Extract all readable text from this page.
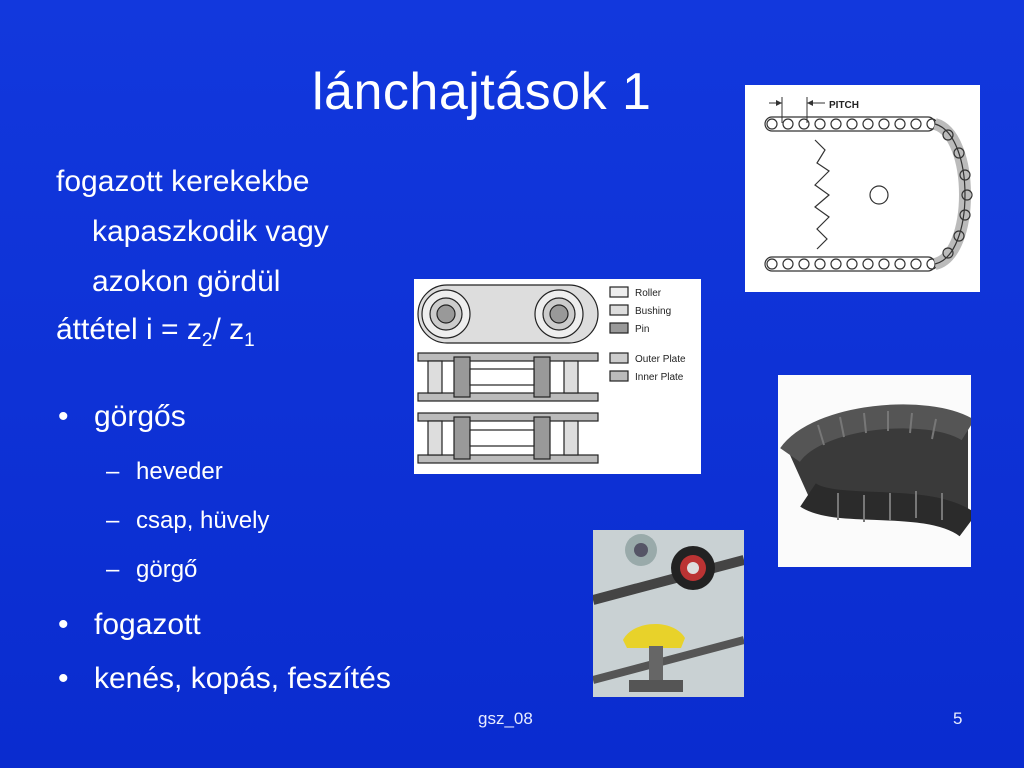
lánchajtások 1
fogazott kerekekbe
kapaszkodik vagy
azokon gördül
áttétel $i = z_2/$ $z_1$
• görgős
– heveder
– csap, hüvely
– görgő
• fogazott
• kenés, kopás, feszítés
PITCH
Roller
Bushing
Pin
Outer Plate
Inner Plate
gsz_08	5
